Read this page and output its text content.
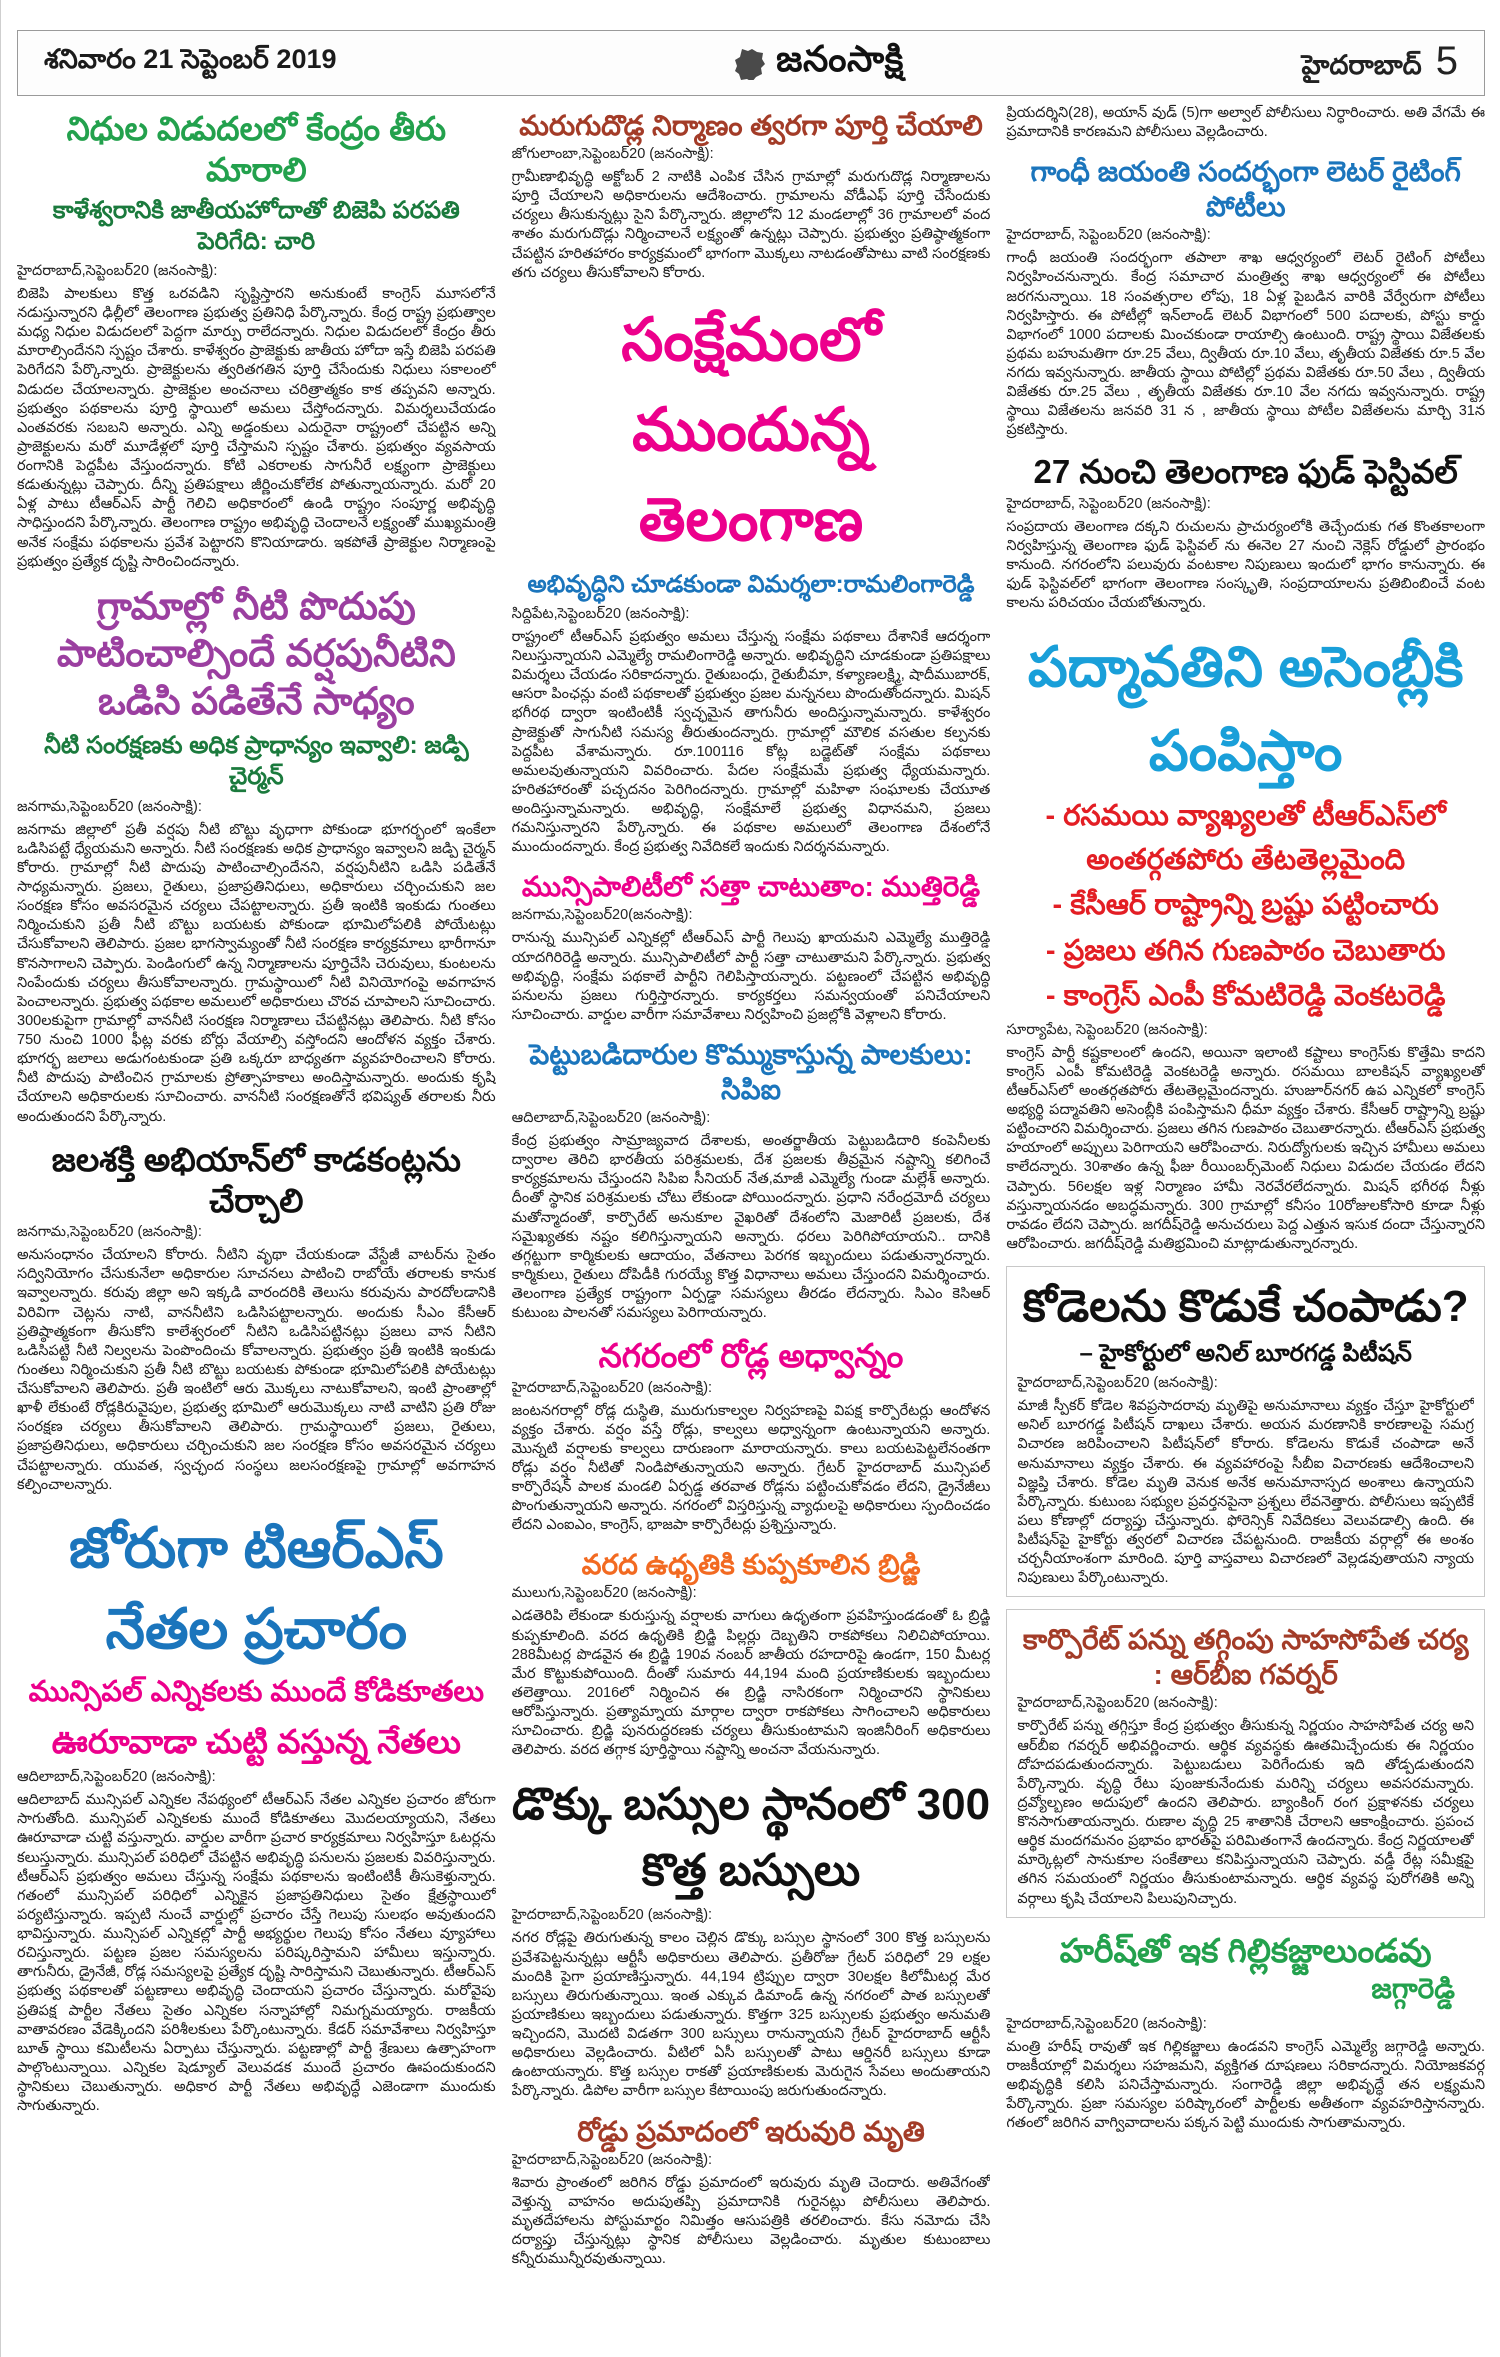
శనివారం 21 సెప్టెంబర్ 2019	జనంసాక్షి	హైదరాబాద్ 5
నిధుల విడుదలలో కేంద్రం తీరు మారాలి
కాళేశ్వరానికి జాతీయహోదాతో బిజెపి పరపతి పెరిగేది: చారి

హైదరాబాద్,సెప్టెంబర్20 (జనంసాక్షి):

బిజెపి పాలకులు కొత్త ఒరవడిని సృష్టిస్తారని అనుకుంటే కాంగ్రెస్ మూసలోనే నడుస్తున్నారని ఢిల్లీలో తెలంగాణ ప్రభుత్వ ప్రతినిధి పేర్కొన్నారు. కేంద్ర రాష్ట్ర ప్రభుత్వాల మధ్య నిధుల విడుదలలో పెద్దగా మార్పు రాలేదన్నారు. నిధుల విడుదలలో కేంద్రం తీరు మారాల్సిందేనని స్పష్టం చేశారు. కాళేశ్వరం ప్రాజెక్టుకు జాతీయ హోదా ఇస్తే బిజెపి పరపతి పెరిగేదని పేర్కొన్నారు. ప్రాజెక్టులను త్వరితగతిన పూర్తి చేసేందుకు నిధులు సకాలంలో విడుదల చేయాలన్నారు. ప్రాజెక్టుల అంచనాలు చరిత్రాత్మకం కాక తప్పవని అన్నారు. ప్రభుత్వం పథకాలను పూర్తి స్థాయిలో అమలు చేస్తోందన్నారు. విమర్శలుచేయడం ఎంతవరకు సబబని అన్నారు. ఎన్ని అడ్డంకులు ఎదురైనా రాష్ట్రంలో చేపట్టిన అన్ని ప్రాజెక్టులను మరో మూడేళ్లలో పూర్తి చేస్తామని స్పష్టం చేశారు. ప్రభుత్వం వ్యవసాయ రంగానికి పెద్దపీట వేస్తుందన్నారు. కోటి ఎకరాలకు సాగునీరే లక్ష్యంగా ప్రాజెక్టులు కడుతున్నట్లు చెప్పారు. దీన్ని ప్రతిపక్షాలు జీర్ణించుకోలేక పోతున్నాయన్నారు. మరో 20 ఏళ్ల పాటు టీఆర్ఎస్ పార్టీ గెలిచి అధికారంలో ఉండి రాష్ట్రం సంపూర్ణ అభివృద్ధి సాధిస్తుందని పేర్కొన్నారు. తెలంగాణ రాష్ట్రం అభివృద్ధి చెందాలనే లక్ష్యంతో ముఖ్యమంత్రి అనేక సంక్షేమ పథకాలను ప్రవేశ పెట్టారని కొనియాడారు. ఇకపోతే ప్రాజెక్టుల నిర్మాణంపై ప్రభుత్వం ప్రత్యేక దృష్టి సారించిందన్నారు.

గ్రామాల్లో నీటి పొదుపు పాటించాల్సిందే వర్షపునీటిని ఒడిసి పడితేనే సాధ్యం
నీటి సంరక్షణకు అధిక ప్రాధాన్యం ఇవ్వాలి: జడ్పి చైర్మన్

జనగామ,సెప్టెంబర్20 (జనంసాక్షి):

జనగామ జిల్లాలో ప్రతీ వర్షపు నీటి బొట్టు వృధాగా పోకుండా భూగర్భంలో ఇంకేలా ఒడిసిపట్టే ధ్యేయమని అన్నారు. నీటి సంరక్షణకు అధిక ప్రాధాన్యం ఇవ్వాలని జడ్పి చైర్మన్ కోరారు. గ్రామాల్లో నీటి పొదుపు పాటించాల్సిందేనని, వర్షపునీటిని ఒడిసి పడితేనే సాధ్యమన్నారు. ప్రజలు, రైతులు, ప్రజాప్రతినిధులు, అధికారులు చర్చించుకుని జల సంరక్షణ కోసం అవసరమైన చర్యలు చేపట్టాలన్నారు. ప్రతీ ఇంటికి ఇంకుడు గుంతలు నిర్మించుకుని ప్రతీ నీటి బొట్టు బయటకు పోకుండా భూమిలోపలికి పోయేటట్లు చేసుకోవాలని తెలిపారు. ప్రజల భాగస్వామ్యంతో నీటి సంరక్షణ కార్యక్రమాలు భారీగానూ కొనసాగాలని చెప్పారు. పెండింగులో ఉన్న నిర్మాణాలను పూర్తిచేసి చెరువులు, కుంటలను నింపేందుకు చర్యలు తీసుకోవాలన్నారు. గ్రామస్థాయిలో నీటి వినియోగంపై అవగాహన పెంచాలన్నారు. ప్రభుత్వ పథకాల అమలులో అధికారులు చొరవ చూపాలని సూచించారు. 300లకుపైగా గ్రామాల్లో వాననీటి సంరక్షణ నిర్మాణాలు చేపట్టినట్లు తెలిపారు. నీటి కోసం 750 నుంచి 1000 ఫీట్ల వరకు బోర్లు వేయాల్సి వస్తోందని ఆందోళన వ్యక్తం చేశారు. భూగర్భ జలాలు అడుగంటకుండా ప్రతి ఒక్కరూ బాధ్యతగా వ్యవహరించాలని కోరారు. నీటి పొదుపు పాటించిన గ్రామాలకు ప్రోత్సాహకాలు అందిస్తామన్నారు. అందుకు కృషి చేయాలని అధికారులకు సూచించారు. వాననీటి సంరక్షణతోనే భవిష్యత్ తరాలకు నీరు అందుతుందని పేర్కొన్నారు.

జలశక్తి అభియాన్‌లో కాడకంట్లను చేర్చాలి

జనగామ,సెప్టెంబర్20 (జనంసాక్షి):

అనుసంధానం చేయాలని కోరారు. నీటిని వృథా చేయకుండా వేస్టేజీ వాటర్‌ను సైతం సద్వినియోగం చేసుకునేలా అధికారుల సూచనలు పాటించి రాబోయే తరాలకు కానుక ఇవ్వాలన్నారు. కరువు జిల్లా అని ఇక్కడి వారందరికి తెలుసు కరువును పారదోలడానికి విరివిగా చెట్లను నాటి, వాననీటిని ఒడిసిపట్టాలన్నారు. అందుకు సీఎం కేసీఆర్ ప్రతిష్ఠాత్మకంగా తీసుకోని కాలేశ్వరంలో నీటిని ఒడిసిపట్టినట్లు ప్రజలు వాన నీటిని ఒడిసిపట్టి నీటి నిల్వలను పెంపొందించు కోవాలన్నారు. ప్రభుత్వం ప్రతీ ఇంటికి ఇంకుడు గుంతలు నిర్మించుకుని ప్రతీ నీటి బొట్టు బయటకు పోకుండా భూమిలోపలికి పోయేటట్లు చేసుకోవాలని తెలిపారు. ప్రతీ ఇంటిలో ఆరు మొక్కలు నాటుకోవాలని, ఇంటి ప్రాంతాల్లో ఖాళీ లేకుంటే రోడ్లకిరువైపుల, ప్రభుత్వ భూమిలో ఆరుమొక్కలు నాటి వాటిని ప్రతి రోజు సంరక్షణ చర్యలు తీసుకోవాలని తెలిపారు. గ్రామస్థాయిలో ప్రజలు, రైతులు, ప్రజాప్రతినిధులు, అధికారులు చర్చించుకుని జల సంరక్షణ కోసం అవసరమైన చర్యలు చేపట్టాలన్నారు. యువత, స్వచ్ఛంద సంస్థలు జలసంరక్షణపై గ్రామాల్లో అవగాహన కల్పించాలన్నారు.

జోరుగా టిఆర్‌ఎస్ నేతల ప్రచారం
మున్సిపల్ ఎన్నికలకు ముందే కోడికూతలు
ఊరూవాడా చుట్టి వస్తున్న నేతలు

ఆదిలాబాద్,సెప్టెంబర్20 (జనంసాక్షి):

ఆదిలాబాద్ మున్సిపల్ ఎన్నికల నేపథ్యంలో టీఆర్ఎస్ నేతల ఎన్నికల ప్రచారం జోరుగా సాగుతోంది. మున్సిపల్ ఎన్నికలకు ముందే కోడికూతలు మొదలయ్యాయని, నేతలు ఊరూవాడా చుట్టి వస్తున్నారు. వార్డుల వారీగా ప్రచార కార్యక్రమాలు నిర్వహిస్తూ ఓటర్లను కలుస్తున్నారు. మున్సిపల్ పరిధిలో చేపట్టిన అభివృద్ధి పనులను ప్రజలకు వివరిస్తున్నారు. టీఆర్ఎస్ ప్రభుత్వం అమలు చేస్తున్న సంక్షేమ పథకాలను ఇంటింటికీ తీసుకెళ్తున్నారు. గతంలో మున్సిపల్ పరిధిలో ఎన్నికైన ప్రజాప్రతినిధులు సైతం క్షేత్రస్థాయిలో పర్యటిస్తున్నారు. ఇప్పటి నుంచే వార్డుల్లో ప్రచారం చేస్తే గెలుపు సులభం అవుతుందని భావిస్తున్నారు. మున్సిపల్ ఎన్నికల్లో పార్టీ అభ్యర్థుల గెలుపు కోసం నేతలు వ్యూహాలు రచిస్తున్నారు. పట్టణ ప్రజల సమస్యలను పరిష్కరిస్తామని హామీలు ఇస్తున్నారు. తాగునీరు, డ్రైనేజీ, రోడ్ల సమస్యలపై ప్రత్యేక దృష్టి సారిస్తామని చెబుతున్నారు. టీఆర్ఎస్ ప్రభుత్వ పథకాలతో పట్టణాలు అభివృద్ధి చెందాయని ప్రచారం చేస్తున్నారు. మరోవైపు ప్రతిపక్ష పార్టీల నేతలు సైతం ఎన్నికల సన్నాహాల్లో నిమగ్నమయ్యారు. రాజకీయ వాతావరణం వేడెక్కిందని పరిశీలకులు పేర్కొంటున్నారు. కేడర్ సమావేశాలు నిర్వహిస్తూ బూత్ స్థాయి కమిటీలను ఏర్పాటు చేస్తున్నారు. పట్టణాల్లో పార్టీ శ్రేణులు ఉత్సాహంగా పాల్గొంటున్నాయి. ఎన్నికల షెడ్యూల్ వెలువడక ముందే ప్రచారం ఊపందుకుందని స్థానికులు చెబుతున్నారు. అధికార పార్టీ నేతలు అభివృద్ధే ఎజెండాగా ముందుకు సాగుతున్నారు.

మరుగుదొడ్ల నిర్మాణం త్వరగా పూర్తి చేయాలి

జోగులాంబా,సెప్టెంబర్20 (జనంసాక్షి):

గ్రామీణాభివృద్ధి అక్టోబర్ 2 నాటికి ఎంపిక చేసిన గ్రామాల్లో మరుగుదొడ్ల నిర్మాణాలను పూర్తి చేయాలని అధికారులను ఆదేశించారు. గ్రామాలను వోడీఎఫ్ పూర్తి చేసేందుకు చర్యలు తీసుకున్నట్లు సైని పేర్కొన్నారు. జిల్లాలోని 12 మండలాల్లో 36 గ్రామాలలో వంద శాతం మరుగుదొడ్లు నిర్మించాలనే లక్ష్యంతో ఉన్నట్లు చెప్పారు. ప్రభుత్వం ప్రతిష్ఠాత్మకంగా చేపట్టిన హరితహారం కార్యక్రమంలో భాగంగా మొక్కలు నాటడంతోపాటు వాటి సంరక్షణకు తగు చర్యలు తీసుకోవాలని కోరారు.

సంక్షేమంలో ముందున్న తెలంగాణ
అభివృద్ధిని చూడకుండా విమర్శలా:రామలింగారెడ్డి

సిద్దిపేట,సెప్టెంబర్20 (జనంసాక్షి):

రాష్ట్రంలో టీఆర్ఎస్ ప్రభుత్వం అమలు చేస్తున్న సంక్షేమ పథకాలు దేశానికే ఆదర్శంగా నిలుస్తున్నాయని ఎమ్మెల్యే రామలింగారెడ్డి అన్నారు. అభివృద్ధిని చూడకుండా ప్రతిపక్షాలు విమర్శలు చేయడం సరికాదన్నారు. రైతుబంధు, రైతుబీమా, కళ్యాణలక్ష్మి, షాదీముబారక్, ఆసరా పింఛన్లు వంటి పథకాలతో ప్రభుత్వం ప్రజల మన్ననలు పొందుతోందన్నారు. మిషన్ భగీరథ ద్వారా ఇంటింటికీ స్వచ్ఛమైన తాగునీరు అందిస్తున్నామన్నారు. కాళేశ్వరం ప్రాజెక్టుతో సాగునీటి సమస్య తీరుతుందన్నారు. గ్రామాల్లో మౌలిక వసతుల కల్పనకు పెద్దపీట వేశామన్నారు. రూ.100116 కోట్ల బడ్జెట్‌తో సంక్షేమ పథకాలు అమలవుతున్నాయని వివరించారు. పేదల సంక్షేమమే ప్రభుత్వ ధ్యేయమన్నారు. హరితహారంతో పచ్చదనం పెరిగిందన్నారు. గ్రామాల్లో మహిళా సంఘాలకు చేయూత అందిస్తున్నామన్నారు. అభివృద్ధి, సంక్షేమాలే ప్రభుత్వ విధానమని, ప్రజలు గమనిస్తున్నారని పేర్కొన్నారు. ఈ పథకాల అమలులో తెలంగాణ దేశంలోనే ముందుందన్నారు. కేంద్ర ప్రభుత్వ నివేదికలే ఇందుకు నిదర్శనమన్నారు.

మున్సిపాలిటీలో సత్తా చాటుతాం: ముత్తిరెడ్డి

జనగామ,సెప్టెంబర్20(జనంసాక్షి):

రానున్న మున్సిపల్ ఎన్నికల్లో టీఆర్ఎస్ పార్టీ గెలుపు ఖాయమని ఎమ్మెల్యే ముత్తిరెడ్డి యాదగిరిరెడ్డి అన్నారు. మున్సిపాలిటీలో పార్టీ సత్తా చాటుతామని పేర్కొన్నారు. ప్రభుత్వ అభివృద్ధి, సంక్షేమ పథకాలే పార్టీని గెలిపిస్తాయన్నారు. పట్టణంలో చేపట్టిన అభివృద్ధి పనులను ప్రజలు గుర్తిస్తారన్నారు. కార్యకర్తలు సమన్వయంతో పనిచేయాలని సూచించారు. వార్డుల వారీగా సమావేశాలు నిర్వహించి ప్రజల్లోకి వెళ్లాలని కోరారు.

పెట్టుబడిదారుల కొమ్ముకాస్తున్న పాలకులు: సిపిఐ

ఆదిలాబాద్,సెప్టెంబర్20 (జనంసాక్షి):

కేంద్ర ప్రభుత్వం సామ్రాజ్యవాద దేశాలకు, అంతర్జాతీయ పెట్టుబడిదారి కంపెనీలకు ద్వారాల తెరిచి భారతీయ పరిశ్రమలకు, దేశ ప్రజలకు తీవ్రమైన నష్టాన్ని కలిగించే కార్యక్రమాలను చేస్తుందని సిపిఐ సీనియర్ నేత,మాజీ ఎమ్మెల్యే గుండా మల్లేశ్ అన్నారు. దీంతో స్థానిక పరిశ్రమలకు చోటు లేకుండా పోయిందన్నారు. ప్రధాని నరేంద్రమోదీ చర్యలు మతోన్మాదంతో, కార్పొరేట్ అనుకూల వైఖరితో దేశంలోని మెజారిటీ ప్రజలకు, దేశ సమైఖ్యతకు నష్టం కలిగిస్తున్నాయని అన్నారు. ధరలు పెరిగిపోయాయని.. దానికి తగ్గట్టుగా కార్మికులకు ఆదాయం, వేతనాలు పెరగక ఇబ్బందులు పడుతున్నారన్నారు. కార్మికులు, రైతులు దోపిడీకి గురయ్యే కొత్త విధానాలు అమలు చేస్తుందని విమర్శించారు. తెలంగాణ ప్రత్యేక రాష్ట్రంగా ఏర్పడ్డా సమస్యలు తీరడం లేదన్నారు. సిఎం కెసిఆర్ కుటుంబ పాలనతో సమస్యలు పెరిగాయన్నారు.

నగరంలో రోడ్ల అధ్వాన్నం

హైదరాబాద్,సెప్టెంబర్20 (జనంసాక్షి):

జంటనగరాల్లో రోడ్ల దుస్థితి, మురుగుకాల్వల నిర్వహణపై విపక్ష కార్పొరేటర్లు ఆందోళన వ్యక్తం చేశారు. వర్షం వస్తే రోడ్లు, కాల్వలు అధ్వాన్నంగా ఉంటున్నాయని అన్నారు. మొన్నటి వర్షాలకు కాల్వలు దారుణంగా మారాయన్నారు. కాలు బయటపెట్టలేనంతగా రోడ్లు వర్షం నీటితో నిండిపోతున్నాయని అన్నారు. గ్రేటర్ హైదరాబాద్ మున్సిపల్ కార్పొరేషన్ పాలక మండలి ఏర్పడ్డ తరవాత రోడ్లను పట్టించుకోవడం లేదని, డ్రైనేజీలు పొంగుతున్నాయని అన్నారు. నగరంలో విస్తరిస్తున్న వ్యాధులపై అధికారులు స్పందించడం లేదని ఎంఐఎం, కాంగ్రెస్, భాజపా కార్పొరేటర్లు ప్రశ్నిస్తున్నారు.

వరద ఉధృతికి కుప్పకూలిన బ్రిడ్జి

ములుగు,సెప్టెంబర్20 (జనంసాక్షి):

ఎడతెరిపి లేకుండా కురుస్తున్న వర్షాలకు వాగులు ఉధృతంగా ప్రవహిస్తుండడంతో ఓ బ్రిడ్జి కుప్పకూలింది. వరద ఉధృతికి బ్రిడ్జి పిల్లర్లు దెబ్బతిని రాకపోకలు నిలిచిపోయాయి. 288మీటర్ల పొడవైన ఈ బ్రిడ్జి 190వ నంబర్ జాతీయ రహదారిపై ఉండగా, 150 మీటర్ల మేర కొట్టుకుపోయింది. దీంతో సుమారు 44,194 మంది ప్రయాణికులకు ఇబ్బందులు తలెత్తాయి. 2016లో నిర్మించిన ఈ బ్రిడ్జి నాసిరకంగా నిర్మించారని స్థానికులు ఆరోపిస్తున్నారు. ప్రత్యామ్నాయ మార్గాల ద్వారా రాకపోకలు సాగించాలని అధికారులు సూచించారు. బ్రిడ్జి పునరుద్ధరణకు చర్యలు తీసుకుంటామని ఇంజినీరింగ్ అధికారులు తెలిపారు. వరద తగ్గాక పూర్తిస్థాయి నష్టాన్ని అంచనా వేయనున్నారు.

డొక్కు బస్సుల స్థానంలో 300 కొత్త బస్సులు

హైదరాబాద్,సెప్టెంబర్20 (జనంసాక్షి):

నగర రోడ్లపై తిరుగుతున్న కాలం చెల్లిన డొక్కు బస్సుల స్థానంలో 300 కొత్త బస్సులను ప్రవేశపెట్టనున్నట్లు ఆర్టీసీ అధికారులు తెలిపారు. ప్రతీరోజు గ్రేటర్ పరిధిలో 29 లక్షల మందికి పైగా ప్రయాణిస్తున్నారు. 44,194 ట్రిప్పుల ద్వారా 30లక్షల కిలోమీటర్ల మేర బస్సులు తిరుగుతున్నాయి. ఇంత ఎక్కువ డిమాండ్ ఉన్న నగరంలో పాత బస్సులతో ప్రయాణికులు ఇబ్బందులు పడుతున్నారు. కొత్తగా 325 బస్సులకు ప్రభుత్వం అనుమతి ఇచ్చిందని, మొదటి విడతగా 300 బస్సులు రానున్నాయని గ్రేటర్ హైదరాబాద్ ఆర్టీసీ అధికారులు వెల్లడించారు. వీటిలో ఏసీ బస్సులతో పాటు ఆర్డినరీ బస్సులు కూడా ఉంటాయన్నారు. కొత్త బస్సుల రాకతో ప్రయాణికులకు మెరుగైన సేవలు అందుతాయని పేర్కొన్నారు. డిపోల వారీగా బస్సుల కేటాయింపు జరుగుతుందన్నారు.

రోడ్డు ప్రమాదంలో ఇరువురి మృతి

హైదరాబాద్,సెప్టెంబర్20 (జనంసాక్షి):

శివారు ప్రాంతంలో జరిగిన రోడ్డు ప్రమాదంలో ఇరువురు మృతి చెందారు. అతివేగంతో వెళ్తున్న వాహనం అదుపుతప్పి ప్రమాదానికి గురైనట్లు పోలీసులు తెలిపారు. మృతదేహాలను పోస్టుమార్టం నిమిత్తం ఆసుపత్రికి తరలించారు. కేసు నమోదు చేసి దర్యాప్తు చేస్తున్నట్లు స్థానిక పోలీసులు వెల్లడించారు. మృతుల కుటుంబాలు కన్నీరుమున్నీరవుతున్నాయి.

ప్రియదర్శిని(28), అయాన్ వుడ్ (5)గా అల్వాల్ పోలీసులు నిర్ధారించారు. అతి వేగమే ఈ ప్రమాదానికి కారణమని పోలీసులు వెల్లడించారు.

గాంధీ జయంతి సందర్భంగా లెటర్ రైటింగ్ పోటీలు

హైదరాబాద్, సెప్టెంబర్20 (జనంసాక్షి):

గాంధీ జయంతి సందర్భంగా తపాలా శాఖ ఆధ్వర్యంలో లెటర్ రైటింగ్ పోటీలు నిర్వహించనున్నారు. కేంద్ర సమాచార మంత్రిత్వ శాఖ ఆధ్వర్యంలో ఈ పోటీలు జరగనున్నాయి. 18 సంవత్సరాల లోపు, 18 ఏళ్ల పైబడిన వారికి వేర్వేరుగా పోటీలు నిర్వహిస్తారు. ఈ పోటీల్లో ఇన్‌లాండ్ లెటర్ విభాగంలో 500 పదాలకు, పోస్టు కార్డు విభాగంలో 1000 పదాలకు మించకుండా రాయాల్సి ఉంటుంది. రాష్ట్ర స్థాయి విజేతలకు ప్రథమ బహుమతిగా రూ.25 వేలు, ద్వితీయ రూ.10 వేలు, తృతీయ విజేతకు రూ.5 వేల నగదు ఇవ్వనున్నారు. జాతీయ స్థాయి పోటిల్లో ప్రథమ విజేతకు రూ.50 వేలు , ద్వితీయ విజేతకు రూ.25 వేలు , తృతీయ విజేతకు రూ.10 వేల నగదు ఇవ్వనున్నారు. రాష్ట్ర స్థాయి విజేతలను జనవరి 31 న , జాతీయ స్థాయి పోటీల విజేతలను మార్చి 31న ప్రకటిస్తారు.

27 నుంచి తెలంగాణ ఫుడ్ ఫెస్టివల్

హైదరాబాద్, సెప్టెంబర్20 (జనంసాక్షి):

సంప్రదాయ తెలంగాణ దక్కని రుచులను ప్రాచుర్యంలోకి తెచ్చేందుకు గత కొంతకాలంగా నిర్వహిస్తున్న తెలంగాణ ఫుడ్ ఫెస్టివల్ ను ఈనెల 27 నుంచి నెక్లెస్ రోడ్డులో ప్రారంభం కానుంది. నగరంలోని పలువురు వంటకాల నిపుణులు ఇందులో భాగం కానున్నారు. ఈ ఫుడ్ ఫెస్టివల్‌లో భాగంగా తెలంగాణ సంస్కృతి, సంప్రదాయాలను ప్రతిబింబించే వంట కాలను పరిచయం చేయబోతున్నారు.

పద్మావతిని అసెంబ్లీకి పంపిస్తాం
- రసమయి వ్యాఖ్యలతో టీఆర్ఎస్‌లో అంతర్గతపోరు తేటతెల్లమైంది
- కేసీఆర్ రాష్ట్రాన్ని బ్రష్టు పట్టించారు
- ప్రజలు తగిన గుణపాఠం చెబుతారు
- కాంగ్రెస్ ఎంపీ కోమటిరెడ్డి వెంకటరెడ్డి

సూర్యాపేట, సెప్టెంబర్20 (జనంసాక్షి):

కాంగ్రెస్ పార్టీ కష్టకాలంలో ఉందని, అయినా ఇలాంటి కష్టాలు కాంగ్రెస్‌కు కొత్తేమి కాదని కాంగ్రెస్ ఎంపీ కోమటిరెడ్డి వెంకటరెడ్డి అన్నారు. రసమయి బాలకిషన్ వ్యాఖ్యలతో టీఆర్ఎస్‌లో అంతర్గతపోరు తేటతెల్లమైందన్నారు. హుజూర్‌నగర్ ఉప ఎన్నికలో కాంగ్రెస్ అభ్యర్థి పద్మావతిని అసెంబ్లీకి పంపిస్తామని ధీమా వ్యక్తం చేశారు. కేసీఆర్ రాష్ట్రాన్ని బ్రష్టు పట్టించారని విమర్శించారు. ప్రజలు తగిన గుణపాఠం చెబుతారన్నారు. టీఆర్ఎస్ ప్రభుత్వ హయాంలో అప్పులు పెరిగాయని ఆరోపించారు. నిరుద్యోగులకు ఇచ్చిన హామీలు అమలు కాలేదన్నారు. 30శాతం ఉన్న ఫీజు రీయింబర్స్‌మెంట్ నిధులు విడుదల చేయడం లేదని చెప్పారు. 56లక్షల ఇళ్ల నిర్మాణం హామీ నెరవేరలేదన్నారు. మిషన్ భగీరథ నీళ్లు వస్తున్నాయనడం అబద్ధమన్నారు. 300 గ్రామాల్లో కనీసం 10రోజులకోసారి కూడా నీళ్లు రావడం లేదని చెప్పారు. జగదీష్‌రెడ్డి అనుచరులు పెద్ద ఎత్తున ఇసుక దందా చేస్తున్నారని ఆరోపించారు. జగదీష్‌రెడ్డి మతిభ్రమించి మాట్లాడుతున్నారన్నారు.

కోడెలను కొడుకే చంపాడు?
– హైకోర్టులో అనిల్ బూరగడ్డ పిటీషన్

హైదరాబాద్,సెప్టెంబర్20 (జనంసాక్షి):

మాజీ స్పీకర్ కోడెల శివప్రసాదరావు మృతిపై అనుమానాలు వ్యక్తం చేస్తూ హైకోర్టులో అనిల్ బూరగడ్డ పిటీషన్ దాఖలు చేశారు. అయన మరణానికి కారణాలపై సమగ్ర విచారణ జరిపించాలని పిటీషన్‌లో కోరారు. కోడెలను కొడుకే చంపాడా అనే అనుమానాలు వ్యక్తం చేశారు. ఈ వ్యవహారంపై సీబీఐ విచారణకు ఆదేశించాలని విజ్ఞప్తి చేశారు. కోడెల మృతి వెనుక అనేక అనుమానాస్పద అంశాలు ఉన్నాయని పేర్కొన్నారు. కుటుంబ సభ్యుల ప్రవర్తనపైనా ప్రశ్నలు లేవనెత్తారు. పోలీసులు ఇప్పటికే పలు కోణాల్లో దర్యాప్తు చేస్తున్నారు. ఫోరెన్సిక్ నివేదికలు వెలువడాల్సి ఉంది. ఈ పిటీషన్‌పై హైకోర్టు త్వరలో విచారణ చేపట్టనుంది. రాజకీయ వర్గాల్లో ఈ అంశం చర్చనీయాంశంగా మారింది. పూర్తి వాస్తవాలు విచారణలో వెల్లడవుతాయని న్యాయ నిపుణులు పేర్కొంటున్నారు.

కార్పొరేట్ పన్ను తగ్గింపు సాహసోపేత చర్య : ఆర్‌బీఐ గవర్నర్

హైదరాబాద్,సెప్టెంబర్20 (జనంసాక్షి):

కార్పొరేట్ పన్ను తగ్గిస్తూ కేంద్ర ప్రభుత్వం తీసుకున్న నిర్ణయం సాహసోపేత చర్య అని ఆర్‌బీఐ గవర్నర్ అభివర్ణించారు. ఆర్థిక వ్యవస్థకు ఊతమిచ్చేందుకు ఈ నిర్ణయం దోహదపడుతుందన్నారు. పెట్టుబడులు పెరిగేందుకు ఇది తోడ్పడుతుందని పేర్కొన్నారు. వృద్ధి రేటు పుంజుకునేందుకు మరిన్ని చర్యలు అవసరమన్నారు. ద్రవ్యోల్బణం అదుపులో ఉందని తెలిపారు. బ్యాంకింగ్ రంగ ప్రక్షాళనకు చర్యలు కొనసాగుతాయన్నారు. రుణాల వృద్ధి 25 శాతానికి చేరాలని ఆకాంక్షించారు. ప్రపంచ ఆర్థిక మందగమనం ప్రభావం భారత్‌పై పరిమితంగానే ఉందన్నారు. కేంద్ర నిర్ణయాలతో మార్కెట్లలో సానుకూల సంకేతాలు కనిపిస్తున్నాయని చెప్పారు. వడ్డీ రేట్ల సమీక్షపై తగిన సమయంలో నిర్ణయం తీసుకుంటామన్నారు. ఆర్థిక వ్యవస్థ పురోగతికి అన్ని వర్గాలు కృషి చేయాలని పిలుపునిచ్చారు.

హరీష్‌తో ఇక గిల్లికజ్జాలుండవు
జగ్గారెడ్డి

హైదరాబాద్,సెప్టెంబర్20 (జనంసాక్షి):

మంత్రి హరీష్ రావుతో ఇక గిల్లికజ్జాలు ఉండవని కాంగ్రెస్ ఎమ్మెల్యే జగ్గారెడ్డి అన్నారు. రాజకీయాల్లో విమర్శలు సహజమని, వ్యక్తిగత దూషణలు సరికాదన్నారు. నియోజకవర్గ అభివృద్ధికి కలిసి పనిచేస్తామన్నారు. సంగారెడ్డి జిల్లా అభివృద్ధే తన లక్ష్యమని పేర్కొన్నారు. ప్రజా సమస్యల పరిష్కారంలో పార్టీలకు అతీతంగా వ్యవహరిస్తానన్నారు. గతంలో జరిగిన వాగ్వివాదాలను పక్కన పెట్టి ముందుకు సాగుతామన్నారు.
